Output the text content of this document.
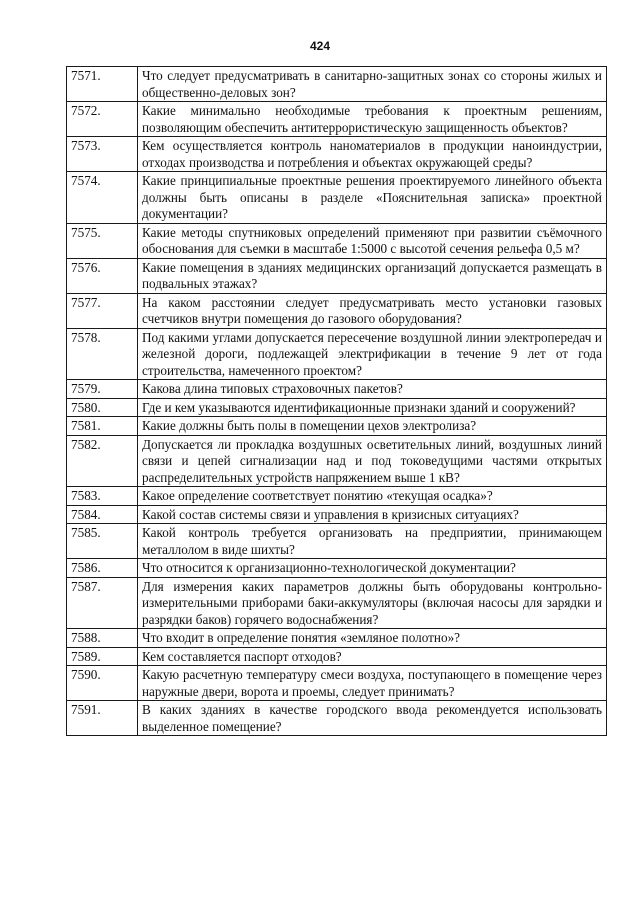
424
7571.	Что следует предусматривать в санитарно-защитных зонах со стороны жилых и общественно-деловых зон?
7572.	Какие минимально необходимые требования к проектным решениям, позволяющим обеспечить антитеррористическую защищенность объектов?
7573.	Кем осуществляется контроль наноматериалов в продукции наноиндустрии, отходах производства и потребления и объектах окружающей среды?
7574.	Какие принципиальные проектные решения проектируемого линейного объекта должны быть описаны в разделе «Пояснительная записка» проектной документации?
7575.	Какие методы спутниковых определений применяют при развитии съёмочного обоснования для съемки в масштабе 1:5000 с высотой сечения рельефа 0,5 м?
7576.	Какие помещения в зданиях медицинских организаций допускается размещать в подвальных этажах?
7577.	На каком расстоянии следует предусматривать место установки газовых счетчиков внутри помещения до газового оборудования?
7578.	Под какими углами допускается пересечение воздушной линии электропередач и железной дороги, подлежащей электрификации в течение 9 лет от года строительства, намеченного проектом?
7579.	Какова длина типовых страховочных пакетов?
7580.	Где и кем указываются идентификационные признаки зданий и сооружений?
7581.	Какие должны быть полы в помещении цехов электролиза?
7582.	Допускается ли прокладка воздушных осветительных линий, воздушных линий связи и цепей сигнализации над и под токоведущими частями открытых распределительных устройств напряжением выше 1 кВ?
7583.	Какое определение соответствует понятию «текущая осадка»?
7584.	Какой состав системы связи и управления в кризисных ситуациях?
7585.	Какой контроль требуется организовать на предприятии, принимающем металлолом в виде шихты?
7586.	Что относится к организационно-технологической документации?
7587.	Для измерения каких параметров должны быть оборудованы контрольно-измерительными приборами баки-аккумуляторы (включая насосы для зарядки и разрядки баков) горячего водоснабжения?
7588.	Что входит в определение понятия «земляное полотно»?
7589.	Кем составляется паспорт отходов?
7590.	Какую расчетную температуру смеси воздуха, поступающего в помещение через наружные двери, ворота и проемы, следует принимать?
7591.	В каких зданиях в качестве городского ввода рекомендуется использовать выделенное помещение?
